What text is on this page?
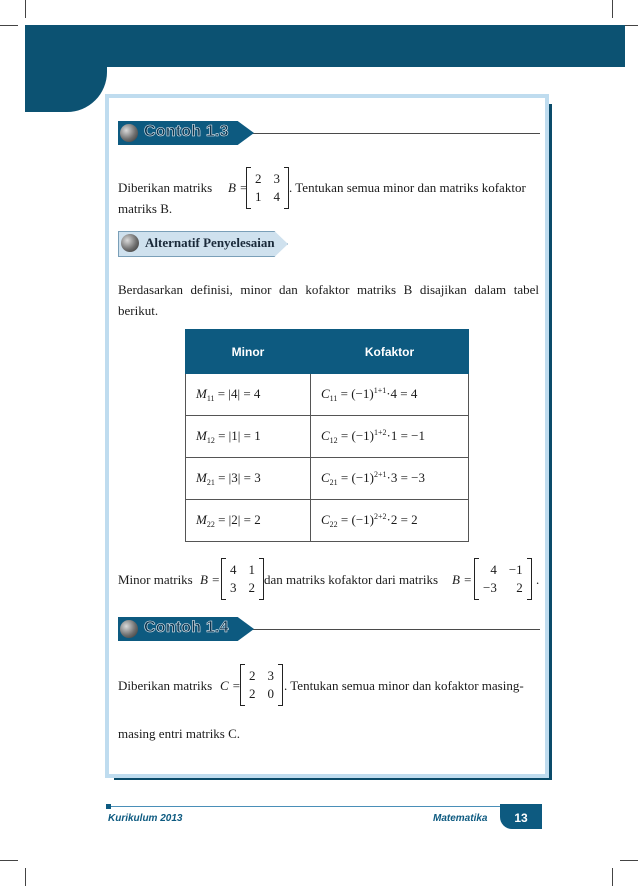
Contoh 1.3
Diberikan matriks B =
2 3
1 4
. Tentukan semua minor dan matriks kofaktor
matriks B.
Alternatif Penyelesaian
Berdasarkan definisi, minor dan kofaktor matriks B disajikan dalam tabel
berikut.
Minor	Kofaktor
$M_{11} = |4| = 4$	$C_{11} = (-1)^{1+1}\cdot 4 = 4$
$M_{12} = |1| = 1$	$C_{12} = (-1)^{1+2}\cdot 1 = -1$
$M_{21} = |3| = 3$	$C_{21} = (-1)^{2+1}\cdot 3 = -3$
$M_{22} = |2| = 2$	$C_{22} = (-1)^{2+2}\cdot 2 = 2$
Minor matriks B =
4 1
3 2
dan matriks kofaktor dari matriks B =
4 −1
−3	2
.
Contoh 1.4
Diberikan matriks C =
2 3
2 0
. Tentukan semua minor dan kofaktor masing-
masing entri matriks C.
Kurikulum 2013	Matematika	13
